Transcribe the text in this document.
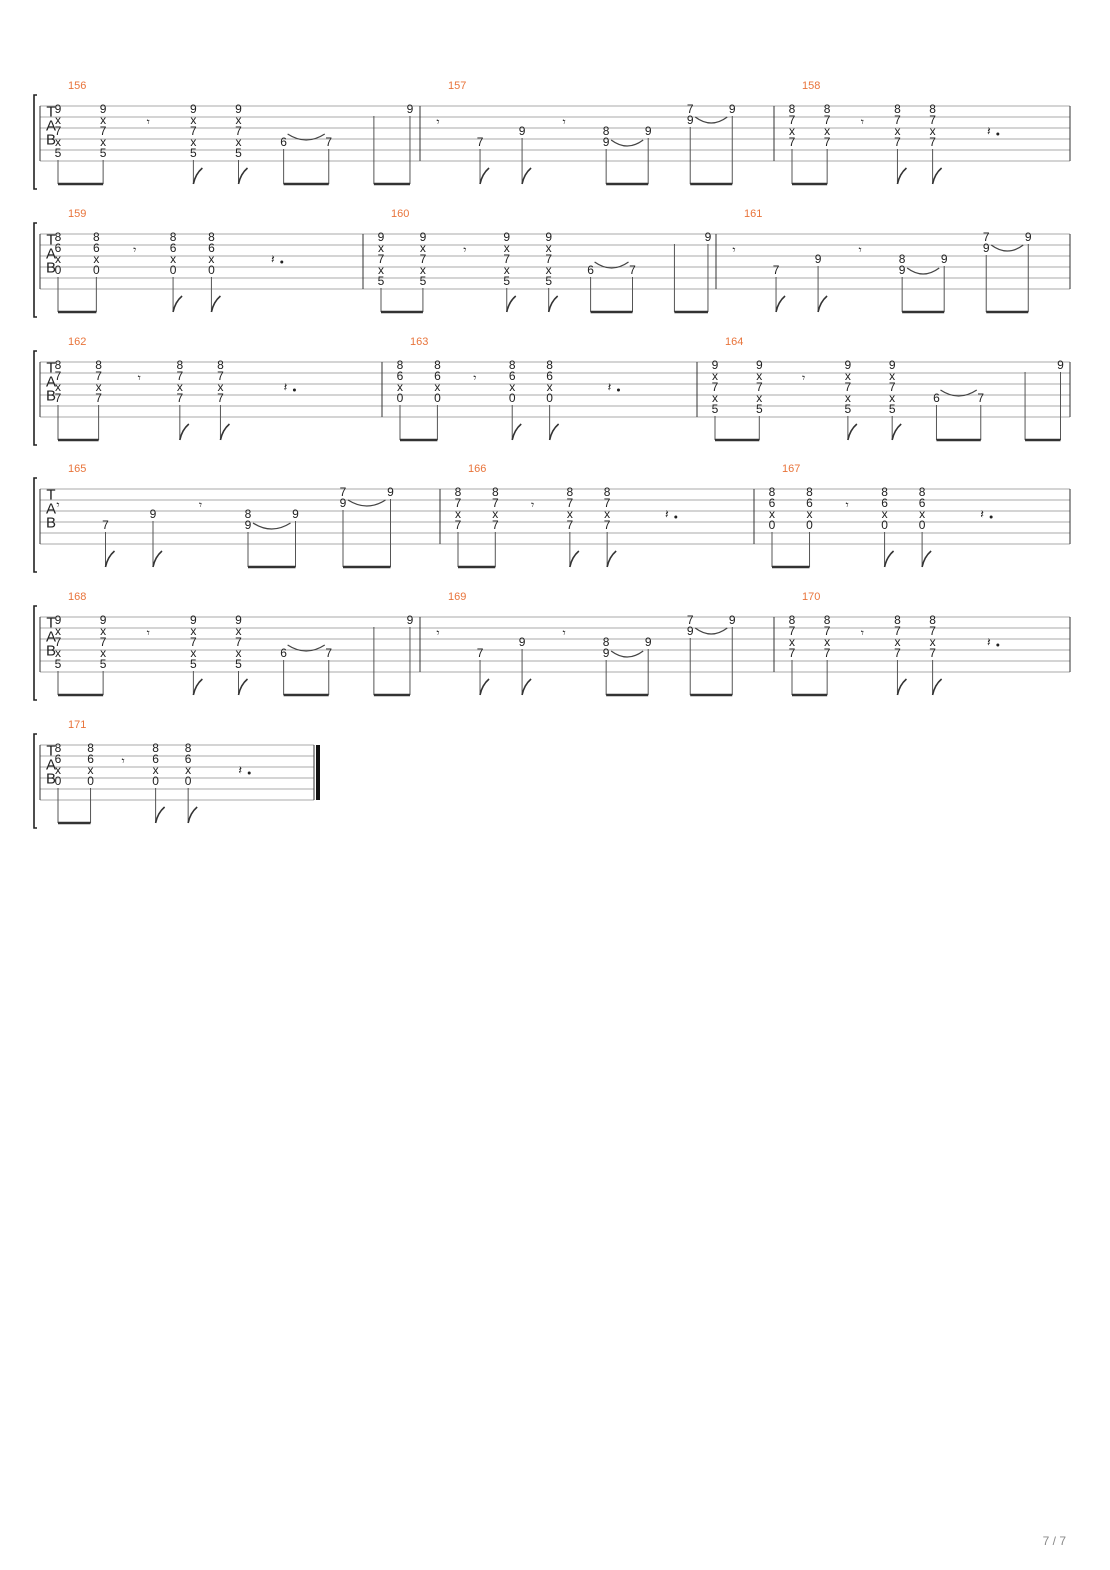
T
A
B
156
9
x
7
x
5
9
x
7
x
5
9
x
7
x
5
9
x
7
x
5
𝄾
6	7
9
157
𝄾
7
9
𝄾
8
9
9
7
9
9
158
8
7
x
7
8
7
x
7
8
7
x
7
8
7
x
7
𝄾
𝄽
T
A
B
159
8
6
x
0
8
6
x
0
8
6
x
0
8
6
x
0
𝄾
𝄽
160
9
x
7
x
5
9
x
7
x
5
9
x
7
x
5
9
x
7
x
5
𝄾
6	7
9
161
𝄾
7
9
𝄾
8
9
9
7
9
9
T
A
B
162
8
7
x
7
8
7
x
7
8
7
x
7
8
7
x
7
𝄾
𝄽
163
8
6
x
0
8
6
x
0
8
6
x
0
8
6
x
0
𝄾
𝄽
164
9
x
7
x
5
9
x
7
x
5
9
x
7
x
5
9
x
7
x
5
𝄾
6	7
9
T
A
B
165
𝄾
7
9
𝄾
8
9
9
7
9
9
166
8
7
x
7
8
7
x
7
8
7
x
7
8
7
x
7
𝄾
𝄽
167
8
6
x
0
8
6
x
0
8
6
x
0
8
6
x
0
𝄾
𝄽
T
A
B
168
9
x
7
x
5
9
x
7
x
5
9
x
7
x
5
9
x
7
x
5
𝄾
6	7
9
169
𝄾
7
9
𝄾
8
9
9
7
9
9
170
8
7
x
7
8
7
x
7
8
7
x
7
8
7
x
7
𝄾
𝄽
T
A
B
171
8
6
x
0
8
6
x
0
8
6
x
0
8
6
x
0
𝄾
𝄽
7 / 7
